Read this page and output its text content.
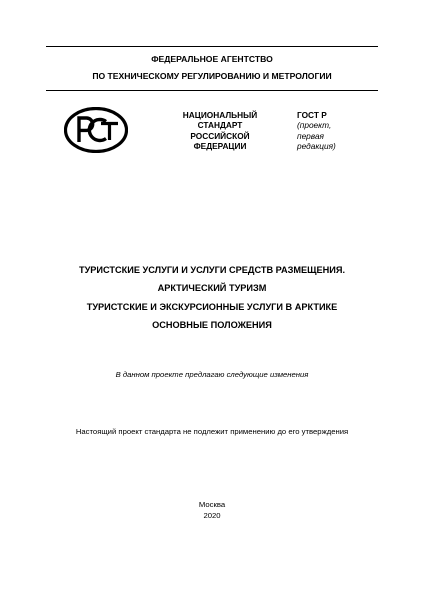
ФЕДЕРАЛЬНОЕ АГЕНТСТВО
ПО ТЕХНИЧЕСКОМУ РЕГУЛИРОВАНИЮ И МЕТРОЛОГИИ
НАЦИОНАЛЬНЫЙ
СТАНДАРТ
РОССИЙСКОЙ
ФЕДЕРАЦИИ
ГОСТ Р
(проект,
первая
редакция)
ТУРИСТСКИЕ УСЛУГИ И УСЛУГИ СРЕДСТВ РАЗМЕЩЕНИЯ.
АРКТИЧЕСКИЙ ТУРИЗМ
ТУРИСТСКИЕ И ЭКСКУРСИОННЫЕ УСЛУГИ В АРКТИКЕ
ОСНОВНЫЕ ПОЛОЖЕНИЯ
В данном проекте предлагаю следующие изменения
Настоящий проект стандарта не подлежит применению до его утверждения
Москва
2020
